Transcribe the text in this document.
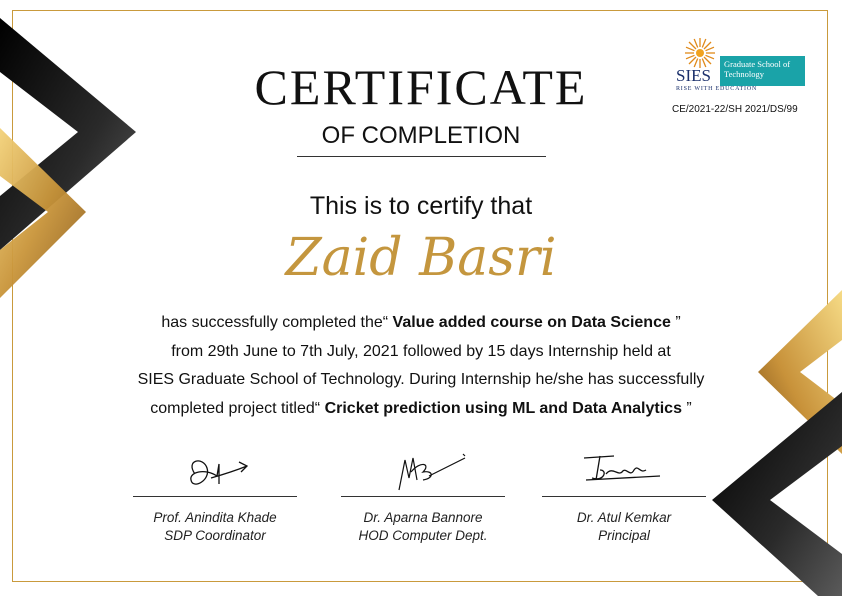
SIES
RISE WITH EDUCATION
Graduate School of Technology
CE/2021-22/SH 2021/DS/99
CERTIFICATE
OF COMPLETION
This is to certify that
Zaid Basri
has successfully completed the“ Value added course on Data Science ”
from 29th June to 7th July, 2021 followed by 15 days Internship held at
SIES Graduate School of Technology. During Internship he/she has successfully
completed project titled“ Cricket prediction using ML and Data Analytics ”
Prof. Anindita Khade
SDP Coordinator
Dr. Aparna Bannore
HOD Computer Dept.
Dr. Atul Kemkar
Principal
